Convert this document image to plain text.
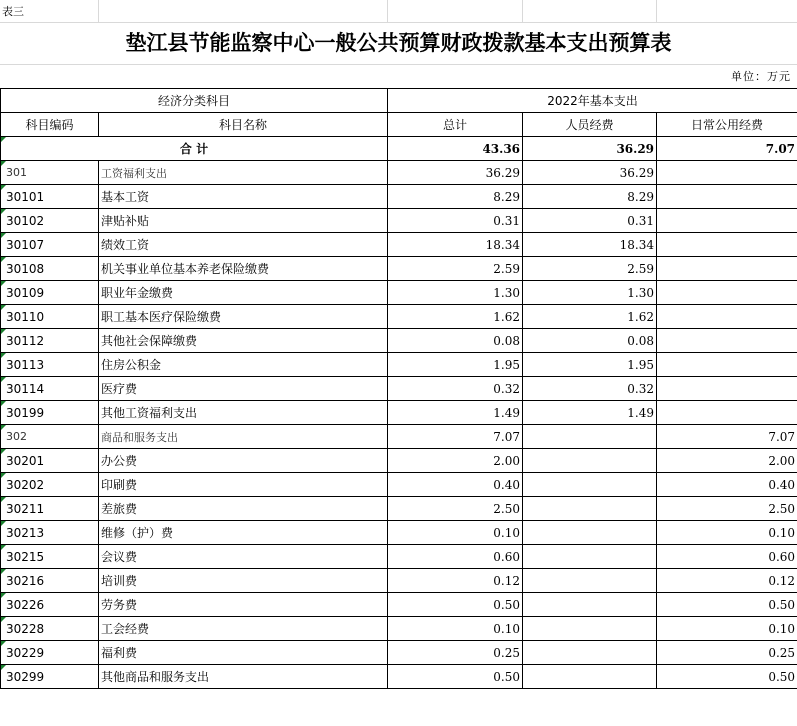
表三
垫江县节能监察中心一般公共预算财政拨款基本支出预算表
单位：万元
经济分类科目		2022年基本支出		
科目编码	科目名称	总计	人员经费	日常公用经费
合 计		43.36	36.29	7.07
301	工资福利支出	36.29	36.29	
30101	基本工资	8.29	8.29	
30102	津贴补贴	0.31	0.31	
30107	绩效工资	18.34	18.34	
30108	机关事业单位基本养老保险缴费	2.59	2.59	
30109	职业年金缴费	1.30	1.30	
30110	职工基本医疗保险缴费	1.62	1.62	
30112	其他社会保障缴费	0.08	0.08	
30113	住房公积金	1.95	1.95	
30114	医疗费	0.32	0.32	
30199	其他工资福利支出	1.49	1.49	
302	商品和服务支出	7.07		7.07
30201	办公费	2.00		2.00
30202	印刷费	0.40		0.40
30211	差旅费	2.50		2.50
30213	维修（护）费	0.10		0.10
30215	会议费	0.60		0.60
30216	培训费	0.12		0.12
30226	劳务费	0.50		0.50
30228	工会经费	0.10		0.10
30229	福利费	0.25		0.25
30299	其他商品和服务支出	0.50		0.50
